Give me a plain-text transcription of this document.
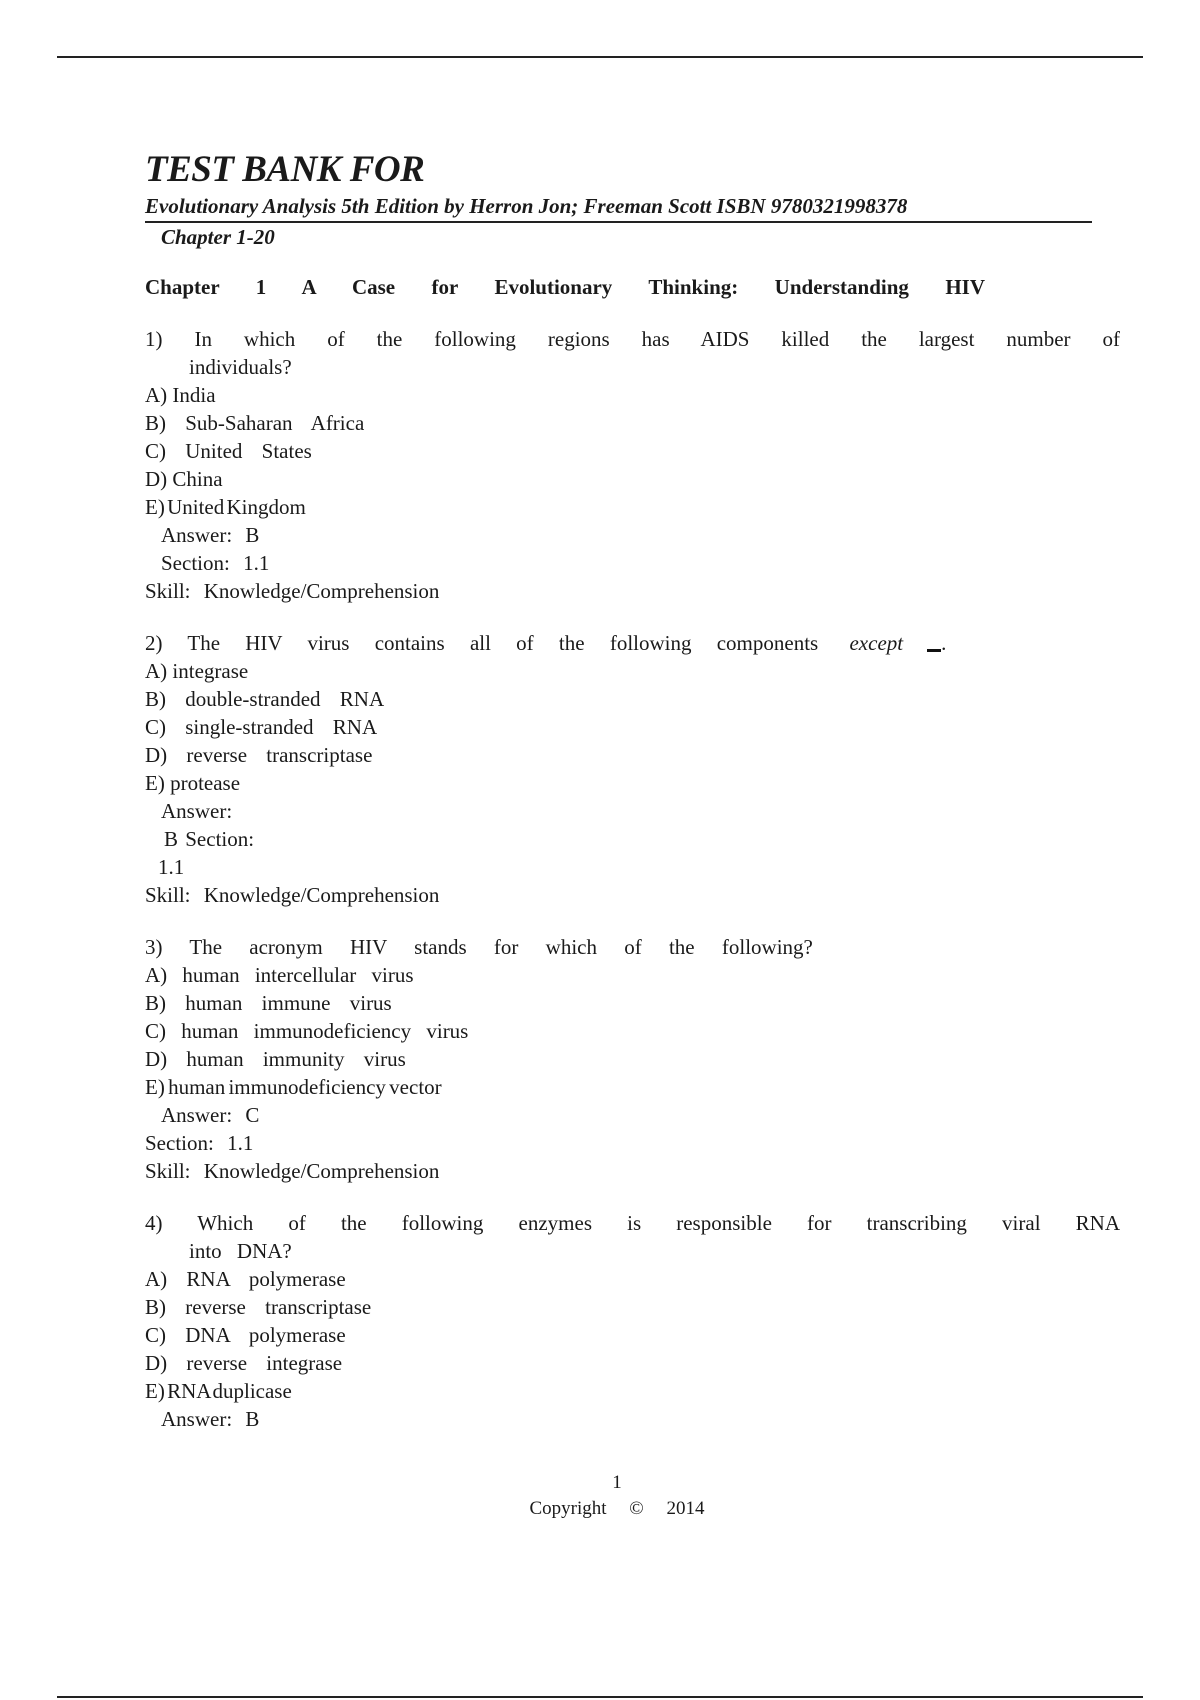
TEST BANK FOR
Evolutionary Analysis 5th Edition by Herron Jon; Freeman Scott ISBN 9780321998378
Chapter 1-20
Chapter 1 A Case for Evolutionary Thinking: Understanding HIV
1) In which of the following regions has AIDS killed the largest number of
individuals?
A) India
B) Sub-Saharan Africa
C) United States
D) China
E) United Kingdom
Answer: B
Section: 1.1
Skill: Knowledge/Comprehension
2) The HIV virus contains all of the following components except .
A) integrase
B) double-stranded RNA
C) single-stranded RNA
D) reverse transcriptase
E) protease
Answer:
B Section:
1.1
Skill: Knowledge/Comprehension
3) The acronym HIV stands for which of the following?
A) human intercellular virus
B) human immune virus
C) human immunodeficiency virus
D) human immunity virus
E) human immunodeficiency vector
Answer: C
Section: 1.1
Skill: Knowledge/Comprehension
4) Which of the following enzymes is responsible for transcribing viral RNA
into DNA?
A) RNA polymerase
B) reverse transcriptase
C) DNA polymerase
D) reverse integrase
E) RNA duplicase
Answer: B
1
Copyright © 2014
